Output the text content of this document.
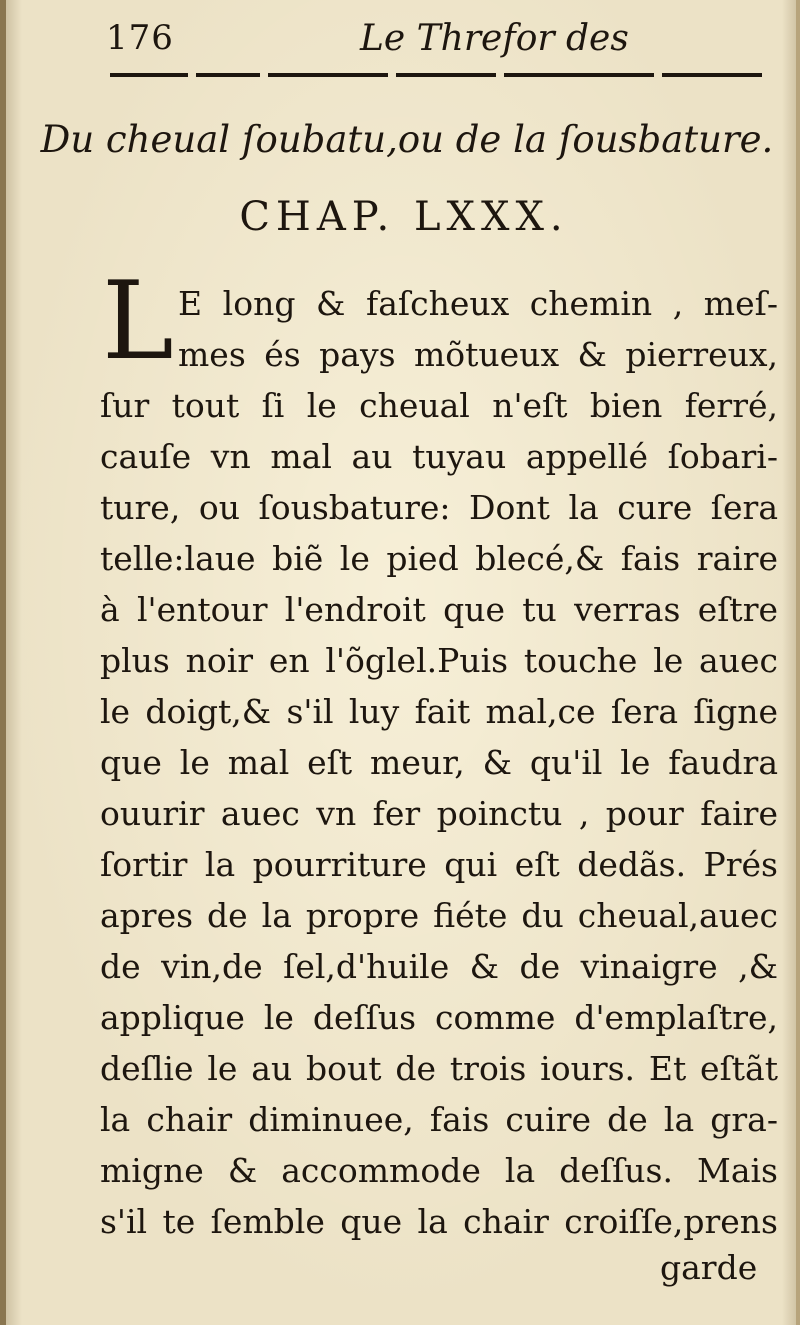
176	Le Threfor des
Du cheual ſoubatu,ou de la ſousbature.
CHAP. LXXX.
L E long & faſcheux chemin , meſ-
mes és pays mõtueux & pierreux,
ſur tout ſi le cheual n'eſt bien ferré,
cauſe vn mal au tuyau appellé ſobari-
ture, ou ſousbature: Dont la cure ſera
telle:laue biẽ le pied blecé,& fais raire
à l'entour l'endroit que tu verras eſtre
plus noir en l'õglel.Puis touche le auec
le doigt,& s'il luy fait mal,ce ſera ſigne
que le mal eſt meur, & qu'il le faudra
ouurir auec vn fer poinctu , pour faire
ſortir la pourriture qui eſt dedãs. Prés
apres de la propre fiéte du cheual,auec
de vin,de ſel,d'huile & de vinaigre ,&
applique le deſſus comme d'emplaſtre,
deſlie le au bout de trois iours. Et eſtãt
la chair diminuee, fais cuire de la gra-
migne & accommode la deſſus. Mais
s'il te ſemble que la chair croiſſe,prens
garde
